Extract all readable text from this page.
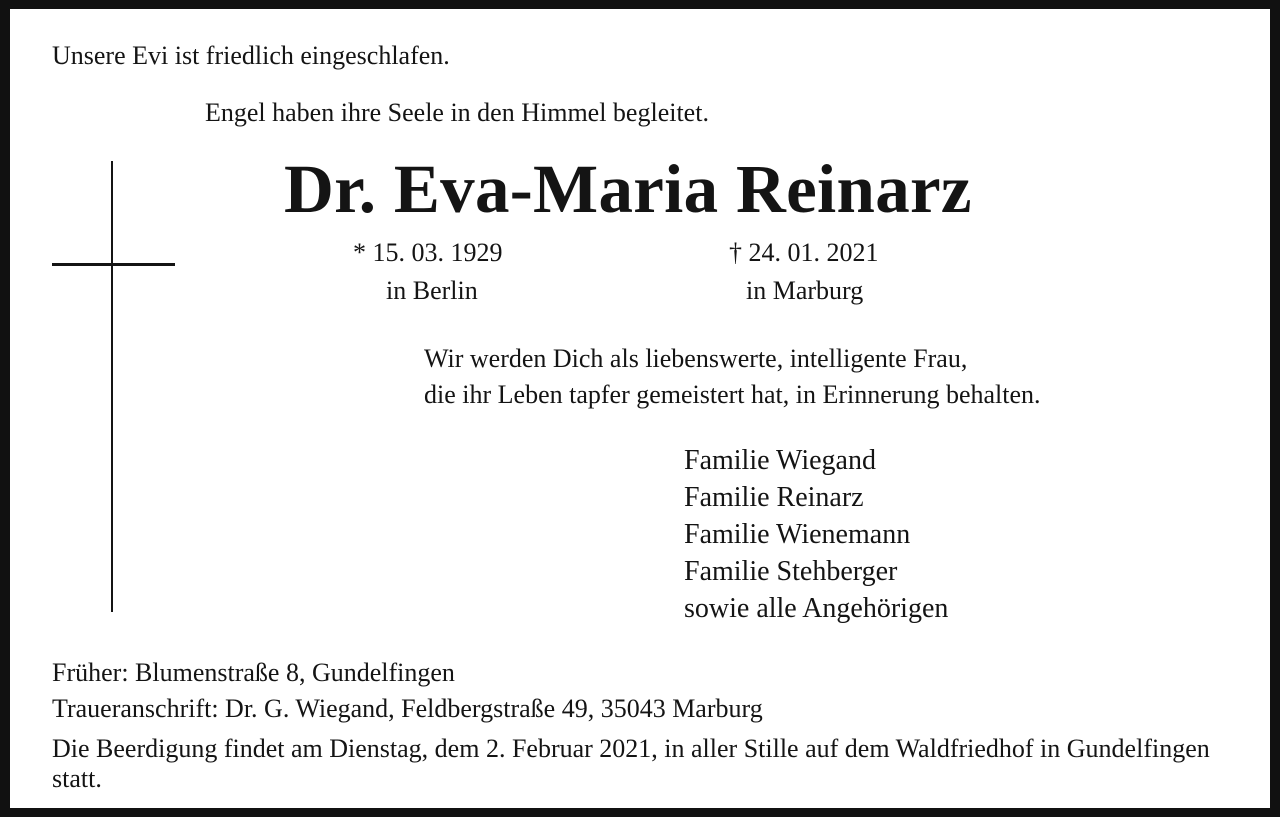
Unsere Evi ist friedlich eingeschlafen.

Engel haben ihre Seele in den Himmel begleitet.

Dr. Eva-Maria Reinarz

* 15. 03. 1929

in Berlin

† 24. 01. 2021

in Marburg

Wir werden Dich als liebenswerte, intelligente Frau,

die ihr Leben tapfer gemeistert hat, in Erinnerung behalten.

Familie Wiegand
Familie Reinarz
Familie Wienemann
Familie Stehberger
sowie alle Angehörigen

Früher: Blumenstraße 8, Gundelfingen

Traueranschrift: Dr. G. Wiegand, Feldbergstraße 49, 35043 Marburg

Die Beerdigung findet am Dienstag, dem 2. Februar 2021, in aller Stille auf dem Waldfriedhof in Gundelfingen statt.
